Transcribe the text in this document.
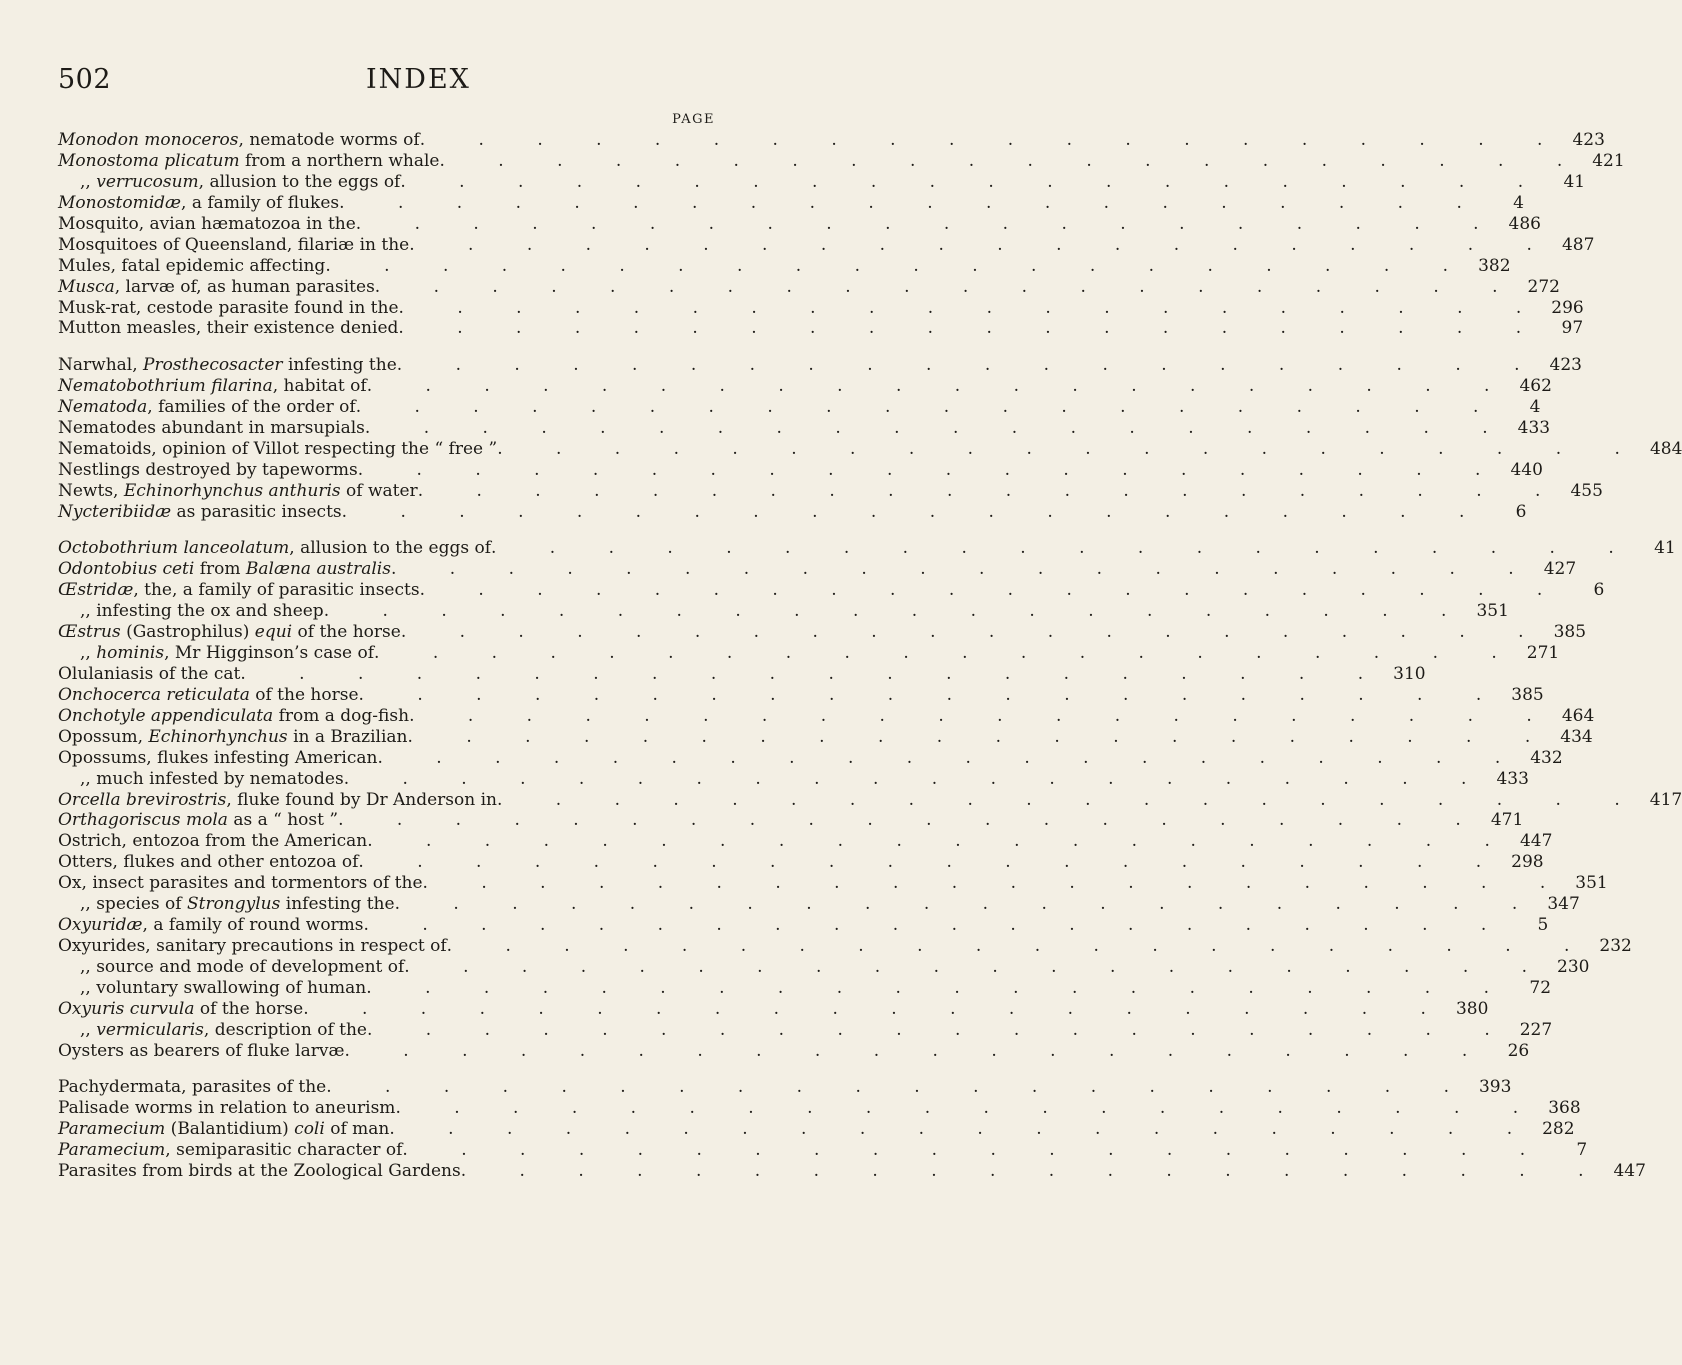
502	INDEX
PAGE
Monodon monoceros, nematode worms of . . . . . . . . . . . . . . . . . . . . 423
Monostoma plicatum from a northern whale . . . . . . . . . . . . . . . . . . . . 421
,, verrucosum, allusion to the eggs of . . . . . . . . . . . . . . . . . . . . 41
Monostomidæ, a family of flukes . . . . . . . . . . . . . . . . . . . .	4
Mosquito, avian hæmatozoa in the . . . . . . . . . . . . . . . . . . . . 486
Mosquitoes of Queensland, filariæ in the . . . . . . . . . . . . . . . . . . . . 487
Mules, fatal epidemic affecting . . . . . . . . . . . . . . . . . . . . 382
Musca, larvæ of, as human parasites . . . . . . . . . . . . . . . . . . . . 272
Musk-rat, cestode parasite found in the . . . . . . . . . . . . . . . . . . . . 296
Mutton measles, their existence denied . . . . . . . . . . . . . . . . . . . . 97
Narwhal, Prosthecosacter infesting the . . . . . . . . . . . . . . . . . . . . 423
Nematobothrium filarina, habitat of . . . . . . . . . . . . . . . . . . . . 462
Nematoda, families of the order of . . . . . . . . . . . . . . . . . . . .	4
Nematodes abundant in marsupials . . . . . . . . . . . . . . . . . . . . 433
Nematoids, opinion of Villot respecting the “ free ” . . . . . . . . . . . . . . . . . . . . 484
Nestlings destroyed by tapeworms . . . . . . . . . . . . . . . . . . . . 440
Newts, Echinorhynchus anthuris of water . . . . . . . . . . . . . . . . . . . . 455
Nycteribiidæ as parasitic insects . . . . . . . . . . . . . . . . . . . .	6
Octobothrium lanceolatum, allusion to the eggs of . . . . . . . . . . . . . . . . . . . . 41
Odontobius ceti from Balæna australis . . . . . . . . . . . . . . . . . . . . 427
Œstridæ, the, a family of parasitic insects . . . . . . . . . . . . . . . . . . . .	6
,, infesting the ox and sheep . . . . . . . . . . . . . . . . . . . . 351
Œstrus (Gastrophilus) equi of the horse . . . . . . . . . . . . . . . . . . . . 385
,, hominis, Mr Higginson’s case of . . . . . . . . . . . . . . . . . . . . 271
Olulaniasis of the cat . . . . . . . . . . . . . . . . . . . . 310
Onchocerca reticulata of the horse . . . . . . . . . . . . . . . . . . . . 385
Onchotyle appendiculata from a dog-fish . . . . . . . . . . . . . . . . . . . . 464
Opossum, Echinorhynchus in a Brazilian . . . . . . . . . . . . . . . . . . . . 434
Opossums, flukes infesting American . . . . . . . . . . . . . . . . . . . . 432
,, much infested by nematodes . . . . . . . . . . . . . . . . . . . . 433
Orcella brevirostris, fluke found by Dr Anderson in . . . . . . . . . . . . . . . . . . . . 417
Orthagoriscus mola as a “ host ” . . . . . . . . . . . . . . . . . . . . 471
Ostrich, entozoa from the American . . . . . . . . . . . . . . . . . . . . 447
Otters, flukes and other entozoa of . . . . . . . . . . . . . . . . . . . . 298
Ox, insect parasites and tormentors of the . . . . . . . . . . . . . . . . . . . . 351
,, species of Strongylus infesting the . . . . . . . . . . . . . . . . . . . . 347
Oxyuridæ, a family of round worms . . . . . . . . . . . . . . . . . . . .	5
Oxyurides, sanitary precautions in respect of . . . . . . . . . . . . . . . . . . . . 232
,, source and mode of development of . . . . . . . . . . . . . . . . . . . . 230
,, voluntary swallowing of human . . . . . . . . . . . . . . . . . . . . 72
Oxyuris curvula of the horse . . . . . . . . . . . . . . . . . . . . 380
,, vermicularis, description of the . . . . . . . . . . . . . . . . . . . . 227
Oysters as bearers of fluke larvæ . . . . . . . . . . . . . . . . . . . . 26
Pachydermata, parasites of the . . . . . . . . . . . . . . . . . . . . 393
Palisade worms in relation to aneurism . . . . . . . . . . . . . . . . . . . . 368
Paramecium (Balantidium) coli of man . . . . . . . . . . . . . . . . . . . . 282
Paramecium, semiparasitic character of . . . . . . . . . . . . . . . . . . . .	7
Parasites from birds at the Zoological Gardens . . . . . . . . . . . . . . . . . . . . 447
